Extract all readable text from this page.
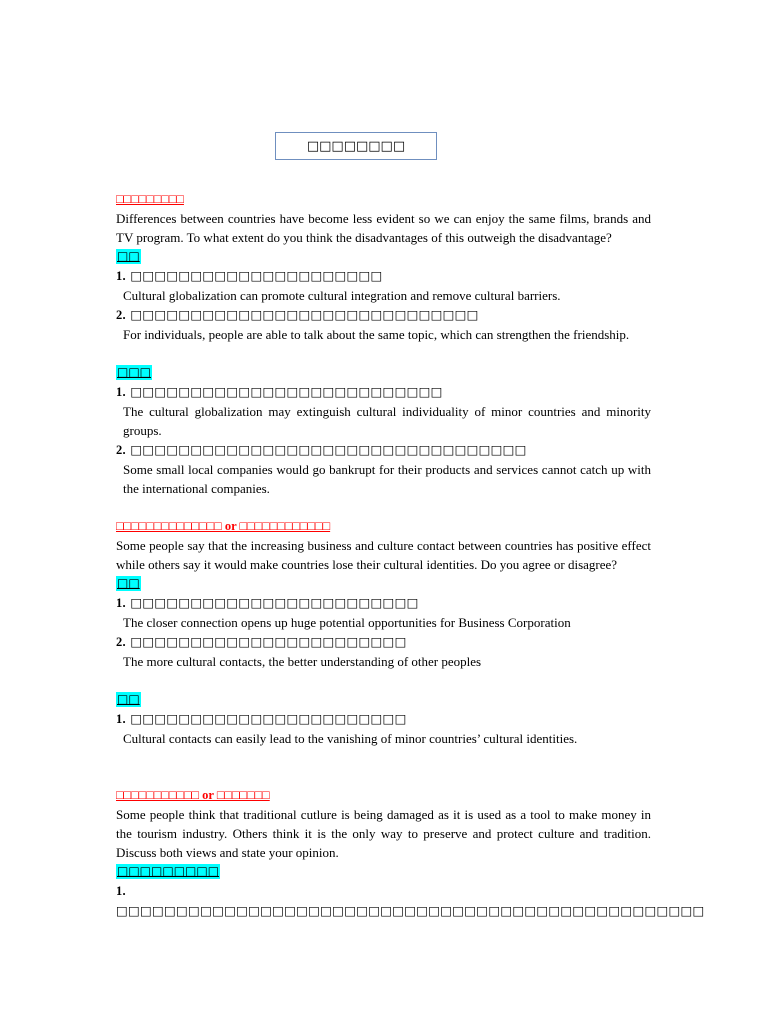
□□□□□□□□

□□□□□□□□□

Differences between countries have become less evident so we can enjoy the same films, brands and TV program. To what extent do you think the disadvantages of this outweigh the disadvantage?

□□

1. □□□□□□□□□□□□□□□□□□□□□

Cultural globalization can promote cultural integration and remove cultural barriers.

2. □□□□□□□□□□□□□□□□□□□□□□□□□□□□□

For individuals, people are able to talk about the same topic, which can strengthen the friendship.

□□□

1. □□□□□□□□□□□□□□□□□□□□□□□□□□

The cultural globalization may extinguish cultural individuality of minor countries and minority groups.

2. □□□□□□□□□□□□□□□□□□□□□□□□□□□□□□□□□

Some small local companies would go bankrupt for their products and services cannot catch up with the international companies.

□□□□□□□□□□□□□□ or □□□□□□□□□□□□

Some people say that the increasing business and culture contact between countries has positive effect while others say it would make countries lose their cultural identities. Do you agree or disagree?

□□

1. □□□□□□□□□□□□□□□□□□□□□□□□

The closer connection opens up huge potential opportunities for Business Corporation

2. □□□□□□□□□□□□□□□□□□□□□□□

The more cultural contacts, the better understanding of other peoples

□□

1. □□□□□□□□□□□□□□□□□□□□□□□

Cultural contacts can easily lead to the vanishing of minor countries’ cultural identities.

□□□□□□□□□□□ or □□□□□□□

Some people think that traditional cutlure is being damaged as it is used as a tool to make money in the tourism industry. Others think it is the only way to preserve and protect culture and tradition. Discuss both views and state your opinion.

□□□□□□□□□

1. □□□□□□□□□□□□□□□□□□□□□□□□□□□□□□□□□□□□□□□□□□□□□□□□□
